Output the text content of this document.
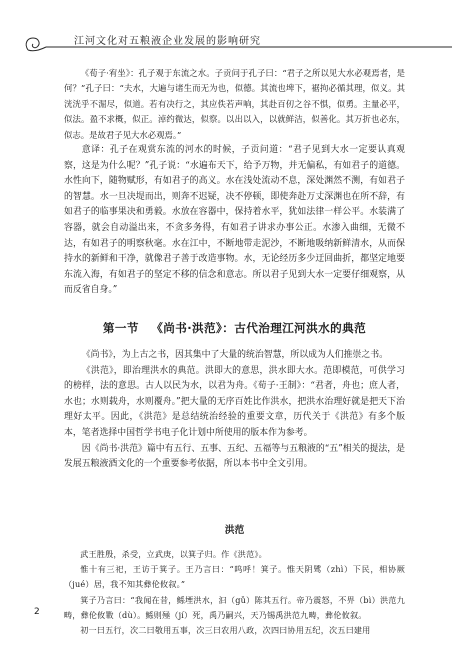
江河文化对五粮液企业发展的影响研究

《荀子·宥坐》：孔子观于东流之水。子贡问于孔子曰：“君子之所以见大水必观焉者，是何？”孔子曰：“夫水，大遍与诸生而无为也，似德。其流也埤下，裾拘必循其理，似义。其洸洸乎不淈尽，似道。若有决行之，其应佚若声响，其赴百仞之谷不惧，似勇。主量必平，似法。盈不求概，似正。淖约微达，似察。以出以入，以就鲜洁，似善化。其万折也必东，似志。是故君子见大水必观焉。”

意译：孔子在观赏东流的河水的时候，子贡问道：“君子见到大水一定要认真观察，这是为什么呢？”孔子说：“水遍布天下，给予万物，并无偏私，有如君子的道德。水性向下，随物赋形，有如君子的高义。水在浅处流动不息，深处渊然不测，有如君子的智慧。水一旦决堤而出，则奔不迟疑，决不停顿，即使奔赴万丈深渊也在所不辞，有如君子的临事果决和勇毅。水放在容器中，保持着水平，犹如法律一样公平。水装满了容器，就会自动溢出来，不贪多务得，有如君子讲求办事公正。水渗入曲细，无微不达，有如君子的明察秋毫。水在江中，不断地带走泥沙，不断地吸纳新鲜清水，从而保持水的新鲜和干净，就像君子善于改造事物。水，无论经历多少迂回曲折，都坚定地要东流入海，有如君子的坚定不移的信念和意志。所以君子见到大水一定要仔细观察，从而反省自身。”

第一节 《尚书·洪范》：古代治理江河洪水的典范

《尚书》，为上古之书，因其集中了大量的统治智慧，所以成为人们推崇之书。

《洪范》，即治理洪水的典范。洪即大的意思，洪水即大水。范即模范，可供学习的榜样，法的意思。古人以民为水，以君为舟。《荀子·王制》：“君者，舟也；庶人者，水也；水则载舟，水则覆舟。”把大量的无序百姓比作洪水，把洪水治理好就是把天下治理好太平。因此，《洪范》是总结统治经验的重要文章，历代关于《洪范》有多个版本，笔者选择中国哲学书电子化计划中所使用的版本作为参考。

因《尚书·洪范》篇中有五行、五事、五纪、五福等与五粮液的“五”相关的提法，是发展五粮液酒文化的一个重要参考依据，所以本书中全文引用。

洪范

武王胜殷，杀受，立武庚，以箕子归。作《洪范》。

惟十有三祀，王访于箕子。王乃言曰：“呜呼！箕子。惟天阴骘（zhì）下民，相协厥（jué）居，我不知其彝伦攸叙。”

箕子乃言曰：“我闻在昔，鲧堙洪水，汩（gǔ）陈其五行。帝乃震怒，不畀（bì）洪范九畴，彝伦攸斁（dù）。鲧则殛（jí）死，禹乃嗣兴，天乃锡禹洪范九畴，彝伦攸叙。

初一曰五行，次二曰敬用五事，次三曰农用八政，次四曰协用五纪，次五曰建用

2
